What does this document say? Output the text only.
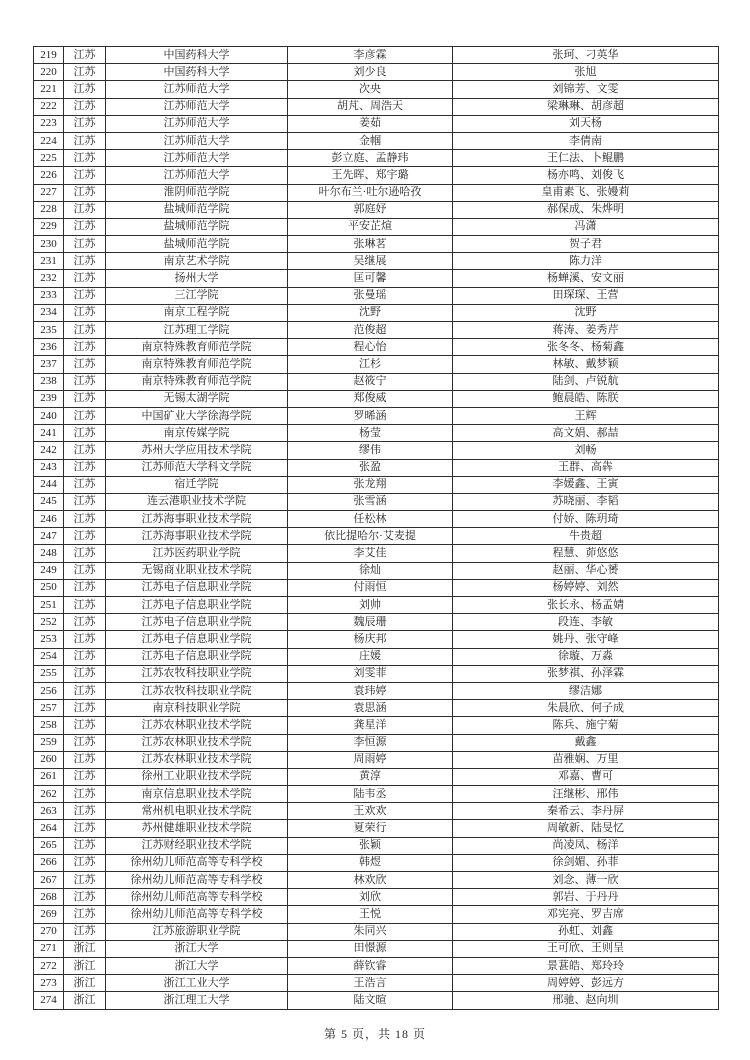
219	江苏	中国药科大学	李彦霖	张珂、刁英华
220	江苏	中国药科大学	刘少良	张旭
221	江苏	江苏师范大学	次央	刘锦芳、文雯
222	江苏	江苏师范大学	胡芃、周浩天	梁琳琳、胡彦超
223	江苏	江苏师范大学	姜茹	刘天杨
224	江苏	江苏师范大学	金帼	李倩南
225	江苏	江苏师范大学	彭立庭、孟静玮	王仁法、卜鲲鹏
226	江苏	江苏师范大学	王先晖、郑宇璐	杨亦鸣、刘俊飞
227	江苏	淮阴师范学院	叶尔布兰·吐尔逊哈孜	皇甫素飞、张嫚莉
228	江苏	盐城师范学院	郭庭妤	郝保成、朱烨明
229	江苏	盐城师范学院	平安芷煊	冯潇
230	江苏	盐城师范学院	张琳茗	贺子君
231	江苏	南京艺术学院	吴继展	陈力洋
232	江苏	扬州大学	匡可馨	杨蝉溪、安文丽
233	江苏	三江学院	张曼瑶	田琛琛、王营
234	江苏	南京工程学院	沈野	沈野
235	江苏	江苏理工学院	范俊超	蒋涛、姜秀芹
236	江苏	南京特殊教育师范学院	程心怡	张冬冬、杨菊鑫
237	江苏	南京特殊教育师范学院	江杉	林敏、戴梦颖
238	江苏	南京特殊教育师范学院	赵筱宁	陆剑、卢锐航
239	江苏	无锡太湖学院	郑俊威	鲍晨皓、陈朕
240	江苏	中国矿业大学徐海学院	罗晞涵	王辉
241	江苏	南京传媒学院	杨莹	高文娟、郝喆
242	江苏	苏州大学应用技术学院	缪伟	刘畅
243	江苏	江苏师范大学科文学院	张盈	王群、高犇
244	江苏	宿迁学院	张龙翔	李媛鑫、王寅
245	江苏	连云港职业技术学院	张雪涵	苏晓丽、李韬
246	江苏	江苏海事职业技术学院	任松林	付娇、陈玥琦
247	江苏	江苏海事职业技术学院	依比提哈尔·艾麦提	牛贵超
248	江苏	江苏医药职业学院	李艾佳	程慧、茆悠悠
249	江苏	无锡商业职业技术学院	徐灿	赵丽、华心赟
250	江苏	江苏电子信息职业学院	付雨恒	杨婷婷、刘然
251	江苏	江苏电子信息职业学院	刘帅	张长永、杨孟婧
252	江苏	江苏电子信息职业学院	魏辰珊	段连、李敏
253	江苏	江苏电子信息职业学院	杨庆邦	姚丹、张守峰
254	江苏	江苏电子信息职业学院	庄媛	徐璇、万淼
255	江苏	江苏农牧科技职业学院	刘雯菲	张梦祺、孙泽霖
256	江苏	江苏农牧科技职业学院	袁玮婷	缪洁娜
257	江苏	南京科技职业学院	袁思涵	朱晨欣、何子成
258	江苏	江苏农林职业技术学院	龚星洋	陈兵、施宁菊
259	江苏	江苏农林职业技术学院	李恒源	戴鑫
260	江苏	江苏农林职业技术学院	周雨婷	苗雅娴、万里
261	江苏	徐州工业职业技术学院	黄淳	邓嘉、曹可
262	江苏	南京信息职业技术学院	陆韦丞	汪继彬、邢伟
263	江苏	常州机电职业技术学院	王欢欢	秦希云、李丹屏
264	江苏	苏州健雄职业技术学院	夏荣行	周敏新、陆旻忆
265	江苏	江苏财经职业技术学院	张颖	尚凌凤、杨洋
266	江苏	徐州幼儿师范高等专科学校	韩煜	徐剑媚、孙菲
267	江苏	徐州幼儿师范高等专科学校	林欢欣	刘念、薄一欣
268	江苏	徐州幼儿师范高等专科学校	刘欣	郭岩、于丹丹
269	江苏	徐州幼儿师范高等专科学校	王悦	邓宪亮、罗吉席
270	江苏	江苏旅游职业学院	朱同兴	孙虹、刘鑫
271	浙江	浙江大学	田憬源	王可欣、王则呈
272	浙江	浙江大学	薛钦睿	景葚皓、郑玲玲
273	浙江	浙江工业大学	王浩言	周婷婷、彭远方
274	浙江	浙江理工大学	陆文暄	邢驰、赵向圳
第 5 页，共 18 页
